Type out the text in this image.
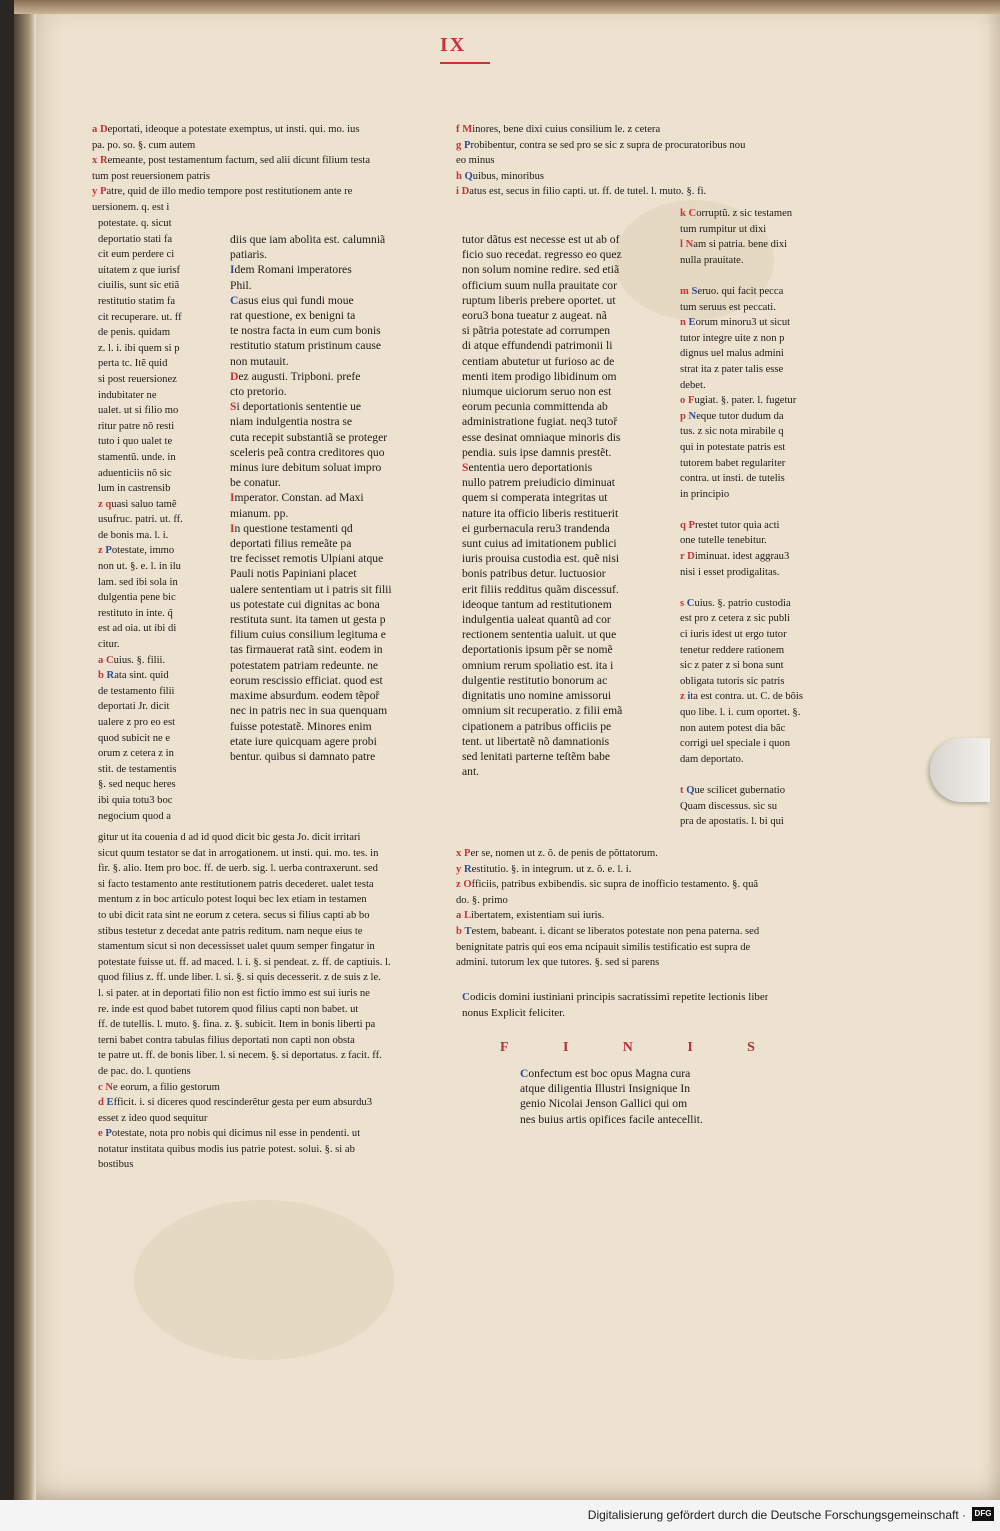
IX
a Deportati, ideoque a potestate exemptus, ut insti. qui. mo. ius
pa. po. so. §. cum autem
x Remeante, post testamentum factum, sed alii dicunt filium testa
tum post reuersionem patris
y Patre, quid de illo medio tempore post restitutionem ante re
uersionem. q. est i
potestate. q. sicut
deportatio stati fa
cit eum perdere ci
uitatem z que iurisf
ciuilis, sunt sic etiã
restitutio statim fa
cit recuperare. ut. ff
de penis. quidam
z. l. i. ibi quem si p
perta tc. Itẽ quid
si post reuersionez
indubitater ne
ualet. ut si filio mo
ritur patre nõ resti
tuto i quo ualet te
stamentũ. unde. in
aduenticiis nõ sic
lum in castrensib
z quasi saluo tamẽ
usufruc. patri. ut. ff.
de bonis ma. l. i.
z Potestate, immo
non ut. §. e. l. in ilu
lam. sed ibi sola in
dulgentia pene bic
restituto in inte. q̃
est ad oia. ut ibi di
citur.
a Cuius. §. filii.
b Rata sint. quid
de testamento filii
deportati Jr. dicit
ualere z pro eo est
quod subicit ne e
orum z cetera z in
stit. de testamentis
§. sed nequc heres
ibi quia totu3 boc
negocium quod a
diis que iam abolita est. calumniã
patiaris.
Idem Romani imperatores
Phil.
Casus eius qui fundi moue
rat questione, ex benigni ta
te nostra facta in eum cum bonis
restitutio statum pristinum cause
non mutauit.
Dez augusti. Tripboni. prefe
cto pretorio.
Si deportationis sententie ue
niam indulgentia nostra se
cuta recepit substantiã se proteger
sceleris peã contra creditores quo
minus iure debitum soluat impro
be conatur.
Imperator. Constan. ad Maxi
mianum. pp.
In questione testamenti qd
deportati filius remeãte pa
tre fecisset remotis Ulpiani atque
Pauli notis Papiniani placet
ualere sententiam ut i patris sit filii
us potestate cui dignitas ac bona
restituta sunt. ita tamen ut gesta p
filium cuius consilium legituma e
tas firmauerat ratã sint. eodem in
potestatem patriam redeunte. ne
eorum rescissio efficiat. quod est
maxime absurdum. eodem tẽpoř
nec in patris nec in sua quenquam
fuisse potestatẽ. Minores enim
etate iure quicquam agere probi
bentur. quibus si damnato patre
f Minores, bene dixi cuius consilium le. z cetera
g Probibentur, contra se sed pro se sic z supra de procuratoribus nou
eo minus
h Quibus, minoribus
i Datus est, secus in filio capti. ut. ff. de tutel. l. muto. §. fi.
tutor dãtus est necesse est ut ab of
ficio suo recedat. regresso eo quez
non solum nomine redire. sed etiã
officium suum nulla prauitate cor
ruptum liberis prebere oportet. ut
eoru3 bona tueatur z augeat. nã
si pãtria potestate ad corrumpen
di atque effundendi patrimonii li
centiam abutetur ut furioso ac de
menti item prodigo libidinum om
niumque uiciorum seruo non est
eorum pecunia committenda ab
administratione fugiat. neq3 tutoř
esse desinat omniaque minoris dis
pendia. suis ipse damnis prestẽt.
Sententia uero deportationis
nullo patrem preiudicio diminuat
quem si comperata integritas ut
nature ita officio liberis restituerit
ei gurbernacula reru3 trandenda
sunt cuius ad imitationem publici
iuris prouisa custodia est. quẽ nisi
bonis patribus detur. luctuosior
erit filiis redditus quãm discessuf.
ideoque tantum ad restitutionem
indulgentia ualeat quantũ ad cor
rectionem sententia ualuit. ut que
deportationis ipsum pẽr se nomẽ
omnium rerum spoliatio est. ita i
dulgentie restitutio bonorum ac
dignitatis uno nomine amissorui
omnium sit recuperatio. z filii emã
cipationem a patribus officiis pe
tent. ut libertatẽ nõ damnationis
sed lenitati parterne teſtẽm babe
ant.
k Corruptũ. z sic testamen
tum rumpitur ut dixi
l Nam si patria. bene dixi
nulla prauitate.

m Seruo. qui facit pecca
tum seruus est peccati.
n Eorum minoru3 ut sicut
tutor integre uite z non p
dignus uel malus admini
strat ita z pater talis esse
debet.
o Fugiat. §. pater. l. fugetur
p Neque tutor dudum da
tus. z sic nota mirabile q
qui in potestate patris est
tutorem babet regulariter
contra. ut insti. de tutelis
in principio

q Prestet tutor quia acti
one tutelle tenebitur.
r Diminuat. idest aggrau3
nisi i esset prodigalitas.

s Cuius. §. patrio custodia
est pro z cetera z sic publi
ci iuris idest ut ergo tutor
tenetur reddere rationem
sic z pater z si bona sunt
obligata tutoris sic patris
z ita est contra. ut. C. de bõis
quo libe. l. i. cum oportet. §.
non autem potest dia bãc
corrigi uel speciale i quon
dam deportato.

t Que scilicet gubernatio
Quam discessus. sic su
pra de apostatis. l. bi qui
gitur ut ita couenia d ad id quod dicit bic gesta Jo. dicit irritari
sicut quum testator se dat in arrogationem. ut insti. qui. mo. tes. in
fir. §. alio. Item pro boc. ff. de uerb. sig. l. uerba contraxerunt. sed
si facto testamento ante restitutionem patris decederet. ualet testa
mentum z in boc articulo potest loqui bec lex etiam in testamen
to ubi dicit rata sint ne eorum z cetera. secus si filius capti ab bo
stibus testetur z decedat ante patris reditum. nam neque eius te
stamentum sicut si non decessisset ualet quum semper fingatur in
potestate fuisse ut. ff. ad maced. l. i. §. si pendeat. z. ff. de captiuis. l.
quod filius z. ff. unde liber. l. si. §. si quis decesserit. z de suis z le.
l. si pater. at in deportati filio non est fictio immo est sui iuris ne
re. inde est quod babet tutorem quod filius capti non babet. ut
ff. de tutellis. l. muto. §. fina. z. §. subicit. Item in bonis liberti pa
terni babet contra tabulas filius deportati non capti non obsta
te patre ut. ff. de bonis liber. l. si necem. §. si deportatus. z facit. ff.
de pac. do. l. quotiens
c Ne eorum, a filio gestorum
d Efficit. i. si diceres quod rescinderẽtur gesta per eum absurdu3
esset z ideo quod sequitur
e Potestate, nota pro nobis qui dicimus nil esse in pendenti. ut
notatur institata quibus modis ius patrie potest. solui. §. si ab
bostibus
x Per se, nomen ut z. õ. de penis de põttatorum.
y Restitutio. §. in integrum. ut z. õ. e. l. i.
z Officiis, patribus exbibendis. sic supra de inofficio testamento. §. quã
do. §. primo
a Libertatem, existentiam sui iuris.
b Testem, babeant. i. dicant se liberatos potestate non pena paterna. sed
benignitate patris qui eos ema ncipauit similis testificatio est supra de
admini. tutorum lex que tutores. §. sed si parens
Codicis domini iustiniani principis sacratissimi repetite lectionis liber
nonus Explicit feliciter.
F	I	N	I	S
Confectum est boc opus Magna cura
atque diligentia Illustri Insignique In
genio Nicolai Jenson Gallici qui om
nes buius artis opifices facile antecellit.
Digitalisierung gefördert durch die Deutsche Forschungsgemeinschaft ·	DFG
